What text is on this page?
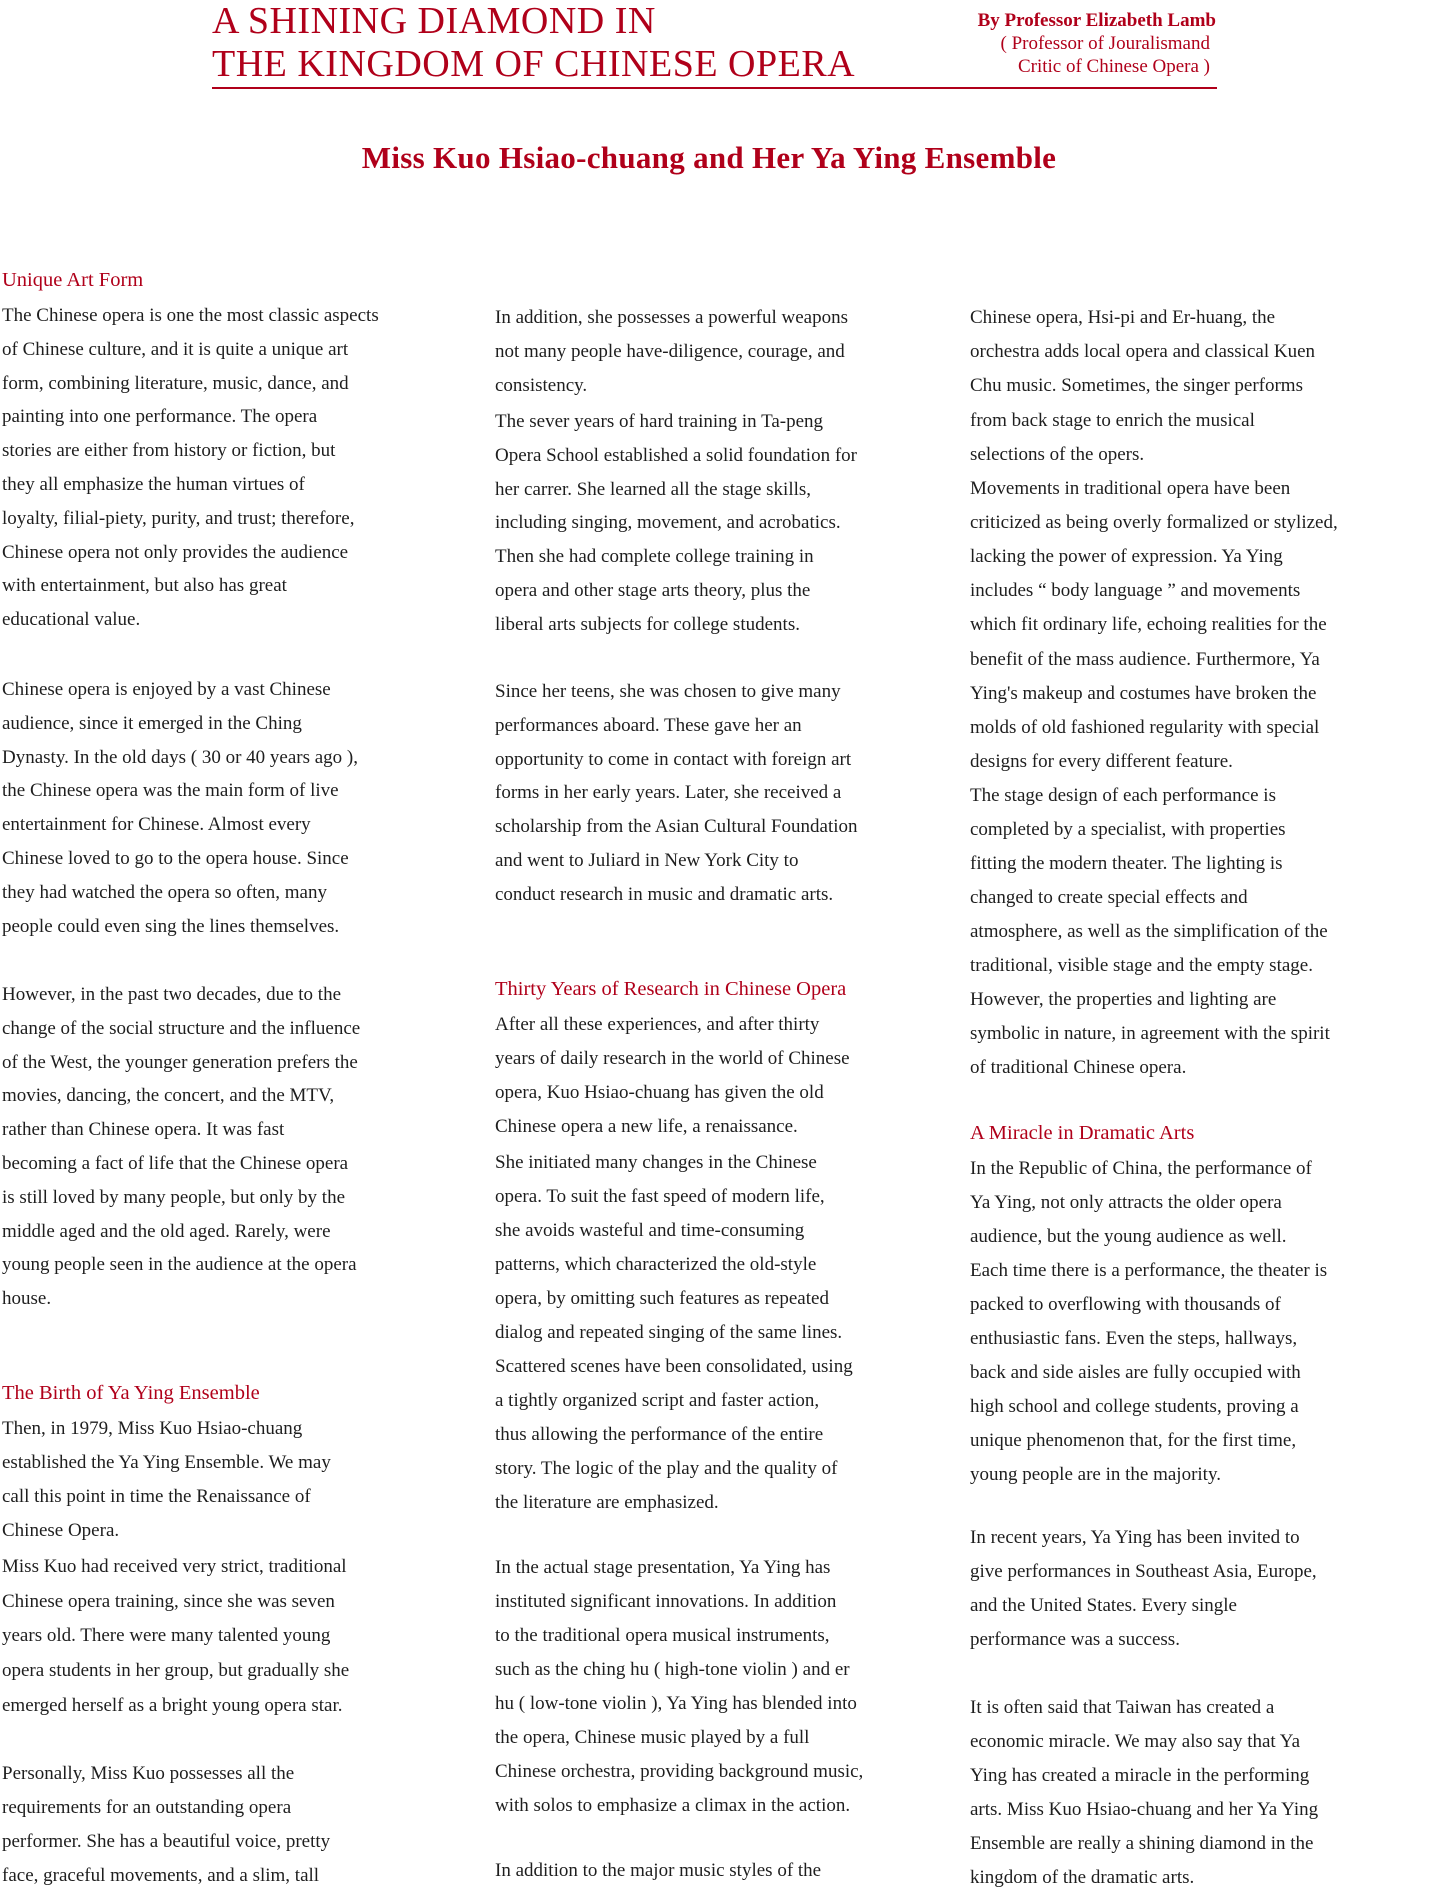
A SHINING DIAMOND IN
THE KINGDOM OF CHINESE OPERA
By Professor Elizabeth Lamb
( Professor of Jouralismand
Critic of Chinese Opera )
Miss Kuo Hsiao-chuang and Her Ya Ying Ensemble
Unique Art Form
The Chinese opera is one the most classic aspects
of Chinese culture, and it is quite a unique art
form, combining literature, music, dance, and
painting into one performance. The opera
stories are either from history or fiction, but
they all emphasize the human virtues of
loyalty, filial-piety, purity, and trust; therefore,
Chinese opera not only provides the audience
with entertainment, but also has great
educational value.
Chinese opera is enjoyed by a vast Chinese
audience, since it emerged in the Ching
Dynasty. In the old days ( 30 or 40 years ago ),
the Chinese opera was the main form of live
entertainment for Chinese. Almost every
Chinese loved to go to the opera house. Since
they had watched the opera so often, many
people could even sing the lines themselves.
However, in the past two decades, due to the
change of the social structure and the influence
of the West, the younger generation prefers the
movies, dancing, the concert, and the MTV,
rather than Chinese opera. It was fast
becoming a fact of life that the Chinese opera
is still loved by many people, but only by the
middle aged and the old aged. Rarely, were
young people seen in the audience at the opera
house.
The Birth of Ya Ying Ensemble
Then, in 1979, Miss Kuo Hsiao-chuang
established the Ya Ying Ensemble. We may
call this point in time the Renaissance of
Chinese Opera.
Miss Kuo had received very strict, traditional
Chinese opera training, since she was seven
years old. There were many talented young
opera students in her group, but gradually she
emerged herself as a bright young opera star.
Personally, Miss Kuo possesses all the
requirements for an outstanding opera
performer. She has a beautiful voice, pretty
face, graceful movements, and a slim, tall
In addition, she possesses a powerful weapons
not many people have-diligence, courage, and
consistency.
The sever years of hard training in Ta-peng
Opera School established a solid foundation for
her carrer. She learned all the stage skills,
including singing, movement, and acrobatics.
Then she had complete college training in
opera and other stage arts theory, plus the
liberal arts subjects for college students.
Since her teens, she was chosen to give many
performances aboard. These gave her an
opportunity to come in contact with foreign art
forms in her early years. Later, she received a
scholarship from the Asian Cultural Foundation
and went to Juliard in New York City to
conduct research in music and dramatic arts.
Thirty Years of Research in Chinese Opera
After all these experiences, and after thirty
years of daily research in the world of Chinese
opera, Kuo Hsiao-chuang has given the old
Chinese opera a new life, a renaissance.
She initiated many changes in the Chinese
opera. To suit the fast speed of modern life,
she avoids wasteful and time-consuming
patterns, which characterized the old-style
opera, by omitting such features as repeated
dialog and repeated singing of the same lines.
Scattered scenes have been consolidated, using
a tightly organized script and faster action,
thus allowing the performance of the entire
story. The logic of the play and the quality of
the literature are emphasized.
In the actual stage presentation, Ya Ying has
instituted significant innovations. In addition
to the traditional opera musical instruments,
such as the ching hu ( high-tone violin ) and er
hu ( low-tone violin ), Ya Ying has blended into
the opera, Chinese music played by a full
Chinese orchestra, providing background music,
with solos to emphasize a climax in the action.
In addition to the major music styles of the
Chinese opera, Hsi-pi and Er-huang, the
orchestra adds local opera and classical Kuen
Chu music. Sometimes, the singer performs
from back stage to enrich the musical
selections of the opers.
Movements in traditional opera have been
criticized as being overly formalized or stylized,
lacking the power of expression. Ya Ying
includes “ body language ” and movements
which fit ordinary life, echoing realities for the
benefit of the mass audience. Furthermore, Ya
Ying's makeup and costumes have broken the
molds of old fashioned regularity with special
designs for every different feature.
The stage design of each performance is
completed by a specialist, with properties
fitting the modern theater. The lighting is
changed to create special effects and
atmosphere, as well as the simplification of the
traditional, visible stage and the empty stage.
However, the properties and lighting are
symbolic in nature, in agreement with the spirit
of traditional Chinese opera.
A Miracle in Dramatic Arts
In the Republic of China, the performance of
Ya Ying, not only attracts the older opera
audience, but the young audience as well.
Each time there is a performance, the theater is
packed to overflowing with thousands of
enthusiastic fans. Even the steps, hallways,
back and side aisles are fully occupied with
high school and college students, proving a
unique phenomenon that, for the first time,
young people are in the majority.
In recent years, Ya Ying has been invited to
give performances in Southeast Asia, Europe,
and the United States. Every single
performance was a success.
It is often said that Taiwan has created a
economic miracle. We may also say that Ya
Ying has created a miracle in the performing
arts. Miss Kuo Hsiao-chuang and her Ya Ying
Ensemble are really a shining diamond in the
kingdom of the dramatic arts.
